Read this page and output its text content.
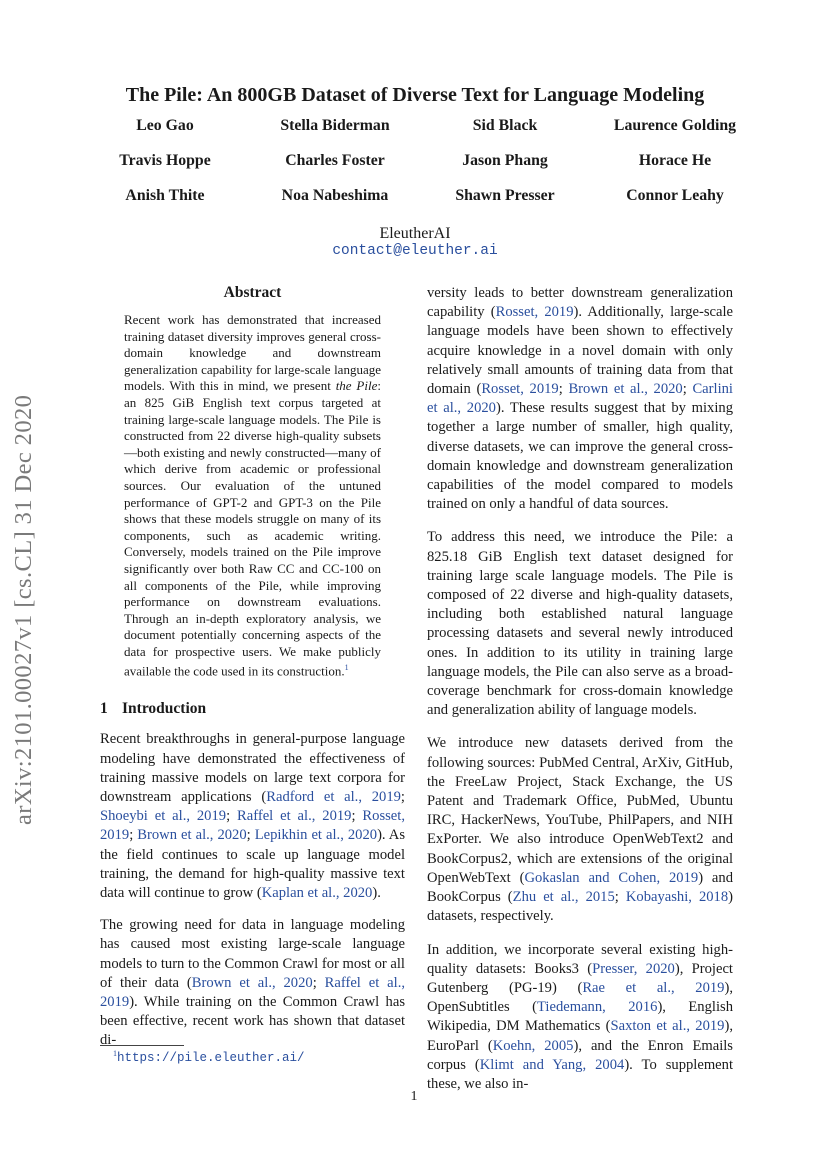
arXiv:2101.00027v1 [cs.CL] 31 Dec 2020
The Pile: An 800GB Dataset of Diverse Text for Language Modeling
Leo Gao	Stella Biderman	Sid Black	Laurence Golding
Travis Hoppe	Charles Foster	Jason Phang	Horace He
Anish Thite	Noa Nabeshima	Shawn Presser	Connor Leahy
EleutherAI
contact@eleuther.ai
Abstract

Recent work has demonstrated that increased training dataset diversity improves general cross-domain knowledge and downstream generalization capability for large-scale language models. With this in mind, we present the Pile: an 825 GiB English text corpus targeted at training large-scale language models. The Pile is constructed from 22 diverse high-quality subsets—both existing and newly constructed—many of which derive from academic or professional sources. Our evaluation of the untuned performance of GPT-2 and GPT-3 on the Pile shows that these models struggle on many of its components, such as academic writing. Conversely, models trained on the Pile improve significantly over both Raw CC and CC-100 on all components of the Pile, while improving performance on downstream evaluations. Through an in-depth exploratory analysis, we document potentially concerning aspects of the data for prospective users. We make publicly available the code used in its construction.$^1$

1 Introduction

Recent breakthroughs in general-purpose language modeling have demonstrated the effectiveness of training massive models on large text corpora for downstream applications (Radford et al., 2019; Shoeybi et al., 2019; Raffel et al., 2019; Rosset, 2019; Brown et al., 2020; Lepikhin et al., 2020). As the field continues to scale up language model training, the demand for high-quality massive text data will continue to grow (Kaplan et al., 2020).

The growing need for data in language modeling has caused most existing large-scale language models to turn to the Common Crawl for most or all of their data (Brown et al., 2020; Raffel et al., 2019). While training on the Common Crawl has been effective, recent work has shown that dataset di-

versity leads to better downstream generalization capability (Rosset, 2019). Additionally, large-scale language models have been shown to effectively acquire knowledge in a novel domain with only relatively small amounts of training data from that domain (Rosset, 2019; Brown et al., 2020; Carlini et al., 2020). These results suggest that by mixing together a large number of smaller, high quality, diverse datasets, we can improve the general cross-domain knowledge and downstream generalization capabilities of the model compared to models trained on only a handful of data sources.

To address this need, we introduce the Pile: a 825.18 GiB English text dataset designed for training large scale language models. The Pile is composed of 22 diverse and high-quality datasets, including both established natural language processing datasets and several newly introduced ones. In addition to its utility in training large language models, the Pile can also serve as a broad-coverage benchmark for cross-domain knowledge and generalization ability of language models.

We introduce new datasets derived from the following sources: PubMed Central, ArXiv, GitHub, the FreeLaw Project, Stack Exchange, the US Patent and Trademark Office, PubMed, Ubuntu IRC, HackerNews, YouTube, PhilPapers, and NIH ExPorter. We also introduce OpenWebText2 and BookCorpus2, which are extensions of the original OpenWebText (Gokaslan and Cohen, 2019) and BookCorpus (Zhu et al., 2015; Kobayashi, 2018) datasets, respectively.

In addition, we incorporate several existing high-quality datasets: Books3 (Presser, 2020), Project Gutenberg (PG-19) (Rae et al., 2019), OpenSubtitles (Tiedemann, 2016), English Wikipedia, DM Mathematics (Saxton et al., 2019), EuroParl (Koehn, 2005), and the Enron Emails corpus (Klimt and Yang, 2004). To supplement these, we also in-

$^1$https://pile.eleuther.ai/
1
